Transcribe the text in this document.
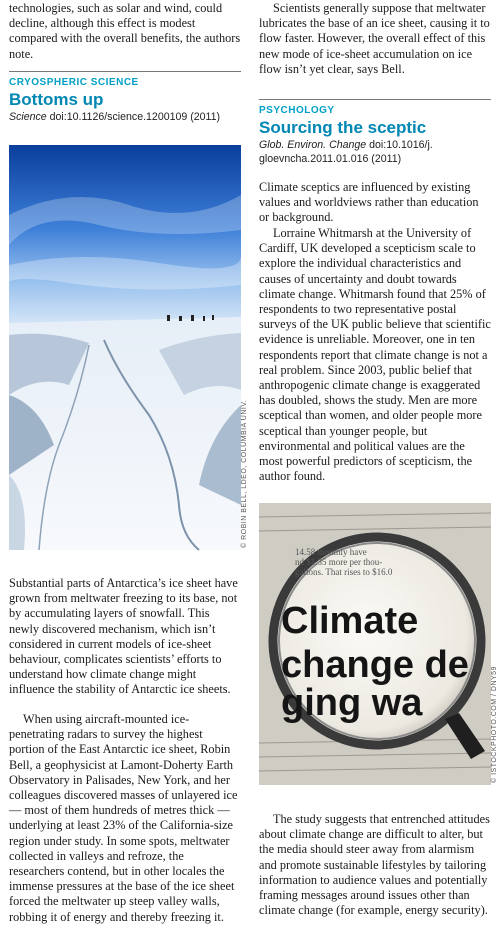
technologies, such as solar and wind, could decline, although this effect is modest compared with the overall benefits, the authors note.

CRYOSPHERIC SCIENCE
Bottoms up
Science doi:10.1126/science.1200109 (2011)

Substantial parts of Antarctica’s ice sheet have grown from meltwater freezing to its base, not by accumulating layers of snowfall. This newly discovered mechanism, which isn’t considered in current models of ice-sheet behaviour, complicates scientists’ efforts to understand how climate change might influence the stability of Antarctic ice sheets.

When using aircraft-mounted ice-penetrating radars to survey the highest portion of the East Antarctic ice sheet, Robin Bell, a geophysicist at Lamont-Doherty Earth Observatory in Palisades, New York, and her colleagues discovered masses of unlayered ice — most of them hundreds of metres thick — underlying at least 23% of the California-size region under study. In some spots, meltwater collected in valleys and refroze, the researchers contend, but in other locales the immense pressures at the base of the ice sheet forced the meltwater up steep valley walls, robbing it of energy and thereby freezing it.

© ROBIN BELL, LDEO, COLUMBIA UNIV.

Scientists generally suppose that meltwater lubricates the base of an ice sheet, causing it to flow faster. However, the overall effect of this new mode of ice-sheet accumulation on ice flow isn’t yet clear, says Bell.

PSYCHOLOGY
Sourcing the sceptic
Glob. Environ. Change doi:10.1016/j. gloevncha.2011.01.016 (2011)

Climate sceptics are influenced by existing values and worldviews rather than education or background.

Lorraine Whitmarsh at the University of Cardiff, UK developed a scepticism scale to explore the individual characteristics and causes of uncertainty and doubt towards climate change. Whitmarsh found that 25% of respondents to two representative postal surveys of the UK public believe that scientific evidence is unreliable. Moreover, one in ten respondents report that climate change is not a real problem. Since 2003, public belief that anthropogenic climate change is exaggerated has doubled, shows the study. Men are more sceptical than women, and older people more sceptical than younger people, but environmental and political values are the most powerful predictors of scepticism, the author found.

14.58 monthly have
nd $1.35 more per thou-
gallons. That rises to $16.0
Climate
change de
ging wa

The study suggests that entrenched attitudes about climate change are difficult to alter, but the media should steer away from alarmism and promote sustainable lifestyles by tailoring information to audience values and potentially framing messages around issues other than climate change (for example, energy security).

© ISTOCKPHOTO.COM / DNY59
